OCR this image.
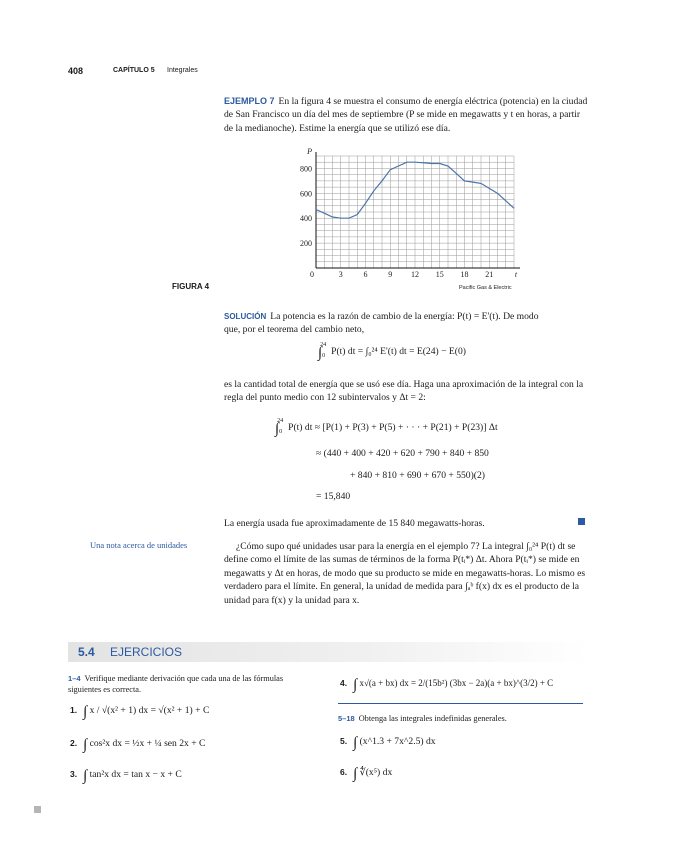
408	CAPÍTULO 5 Integrales
EJEMPLO 7 En la figura 4 se muestra el consumo de energía eléctrica (potencia) en la ciudad de San Francisco un día del mes de septiembre (P se mide en megawatts y t en horas, a partir de la medianoche). Estime la energía que se utilizó ese día.
FIGURA 4
0	3	6	9 12 15 18 21
200
400
600
800
P
t
Pacific Gas & Electric
SOLUCIÓN La potencia es la razón de cambio de la energía: P(t) = E'(t). De modo
que, por el teorema del cambio neto,
$\int_0^{24}P(t)$ dt = ∫₀²⁴ E'(t) dt = E(24) − E(0)
es la cantidad total de energía que se usó ese día. Haga una aproximación de la integral con la regla del punto medio con 12 subintervalos y Δt = 2:
$\int_0^{24}P(t)$ dt ≈ [P(1) + P(3) + P(5) + · · · + P(21) + P(23)] Δt
≈ (440 + 400 + 420 + 620 + 790 + 840 + 850
+ 840 + 810 + 690 + 670 + 550)(2)
= 15,840
La energía usada fue aproximadamente de 15 840 megawatts-horas.
Una nota acerca de unidades	¿Cómo supo qué unidades usar para la energía en el ejemplo 7? La integral ∫₀²⁴ P(t) dt se define como el límite de las sumas de términos de la forma P(tᵢ*) Δt. Ahora P(tᵢ*) se mide en megawatts y Δt en horas, de modo que su producto se mide en megawatts-horas. Lo mismo es verdadero para el límite. En general, la unidad de medida para ∫ₐᵇ f(x) dx es el producto de la unidad para f(x) y la unidad para x.
5.4 EJERCICIOS
1–4 Verifique mediante derivación que cada una de las fórmulas siguientes es correcta.
1. ∫ x / √(x² + 1) dx = √(x² + 1) + C
2. ∫ cos²x dx = ½x + ¼ sen 2x + C
3. ∫ tan²x dx = tan x − x + C
4. ∫ x√(a + bx) dx = 2/(15b²) (3bx − 2a)(a + bx)^(3/2) + C
5–18 Obtenga las integrales indefinidas generales.
5. ∫ (x^1.3 + 7x^2.5) dx
6. ∫ ∜(x⁵) dx
